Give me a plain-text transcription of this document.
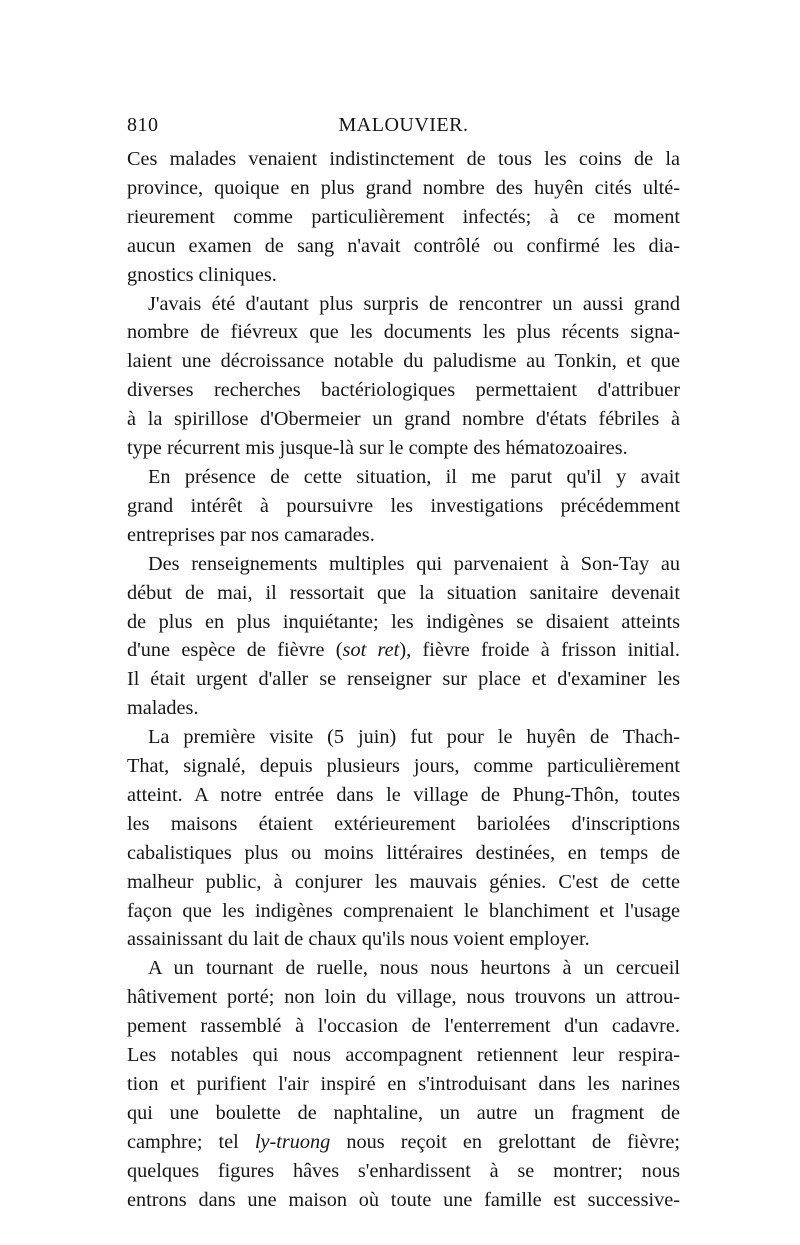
810	MALOUVIER.
Ces malades venaient indistinctement de tous les coins de la
province, quoique en plus grand nombre des huyên cités ulté-
rieurement comme particulièrement infectés; à ce moment
aucun examen de sang n'avait contrôlé ou confirmé les dia-
gnostics cliniques.
J'avais été d'autant plus surpris de rencontrer un aussi grand
nombre de fiévreux que les documents les plus récents signa-
laient une décroissance notable du paludisme au Tonkin, et que
diverses recherches bactériologiques permettaient d'attribuer
à la spirillose d'Obermeier un grand nombre d'états fébriles à
type récurrent mis jusque-là sur le compte des hématozoaires.
En présence de cette situation, il me parut qu'il y avait
grand intérêt à poursuivre les investigations précédemment
entreprises par nos camarades.
Des renseignements multiples qui parvenaient à Son-Tay au
début de mai, il ressortait que la situation sanitaire devenait
de plus en plus inquiétante; les indigènes se disaient atteints
d'une espèce de fièvre (sot ret), fièvre froide à frisson initial.
Il était urgent d'aller se renseigner sur place et d'examiner les
malades.
La première visite (5 juin) fut pour le huyên de Thach-
That, signalé, depuis plusieurs jours, comme particulièrement
atteint. A notre entrée dans le village de Phung-Thôn, toutes
les maisons étaient extérieurement bariolées d'inscriptions
cabalistiques plus ou moins littéraires destinées, en temps de
malheur public, à conjurer les mauvais génies. C'est de cette
façon que les indigènes comprenaient le blanchiment et l'usage
assainissant du lait de chaux qu'ils nous voient employer.
A un tournant de ruelle, nous nous heurtons à un cercueil
hâtivement porté; non loin du village, nous trouvons un attrou-
pement rassemblé à l'occasion de l'enterrement d'un cadavre.
Les notables qui nous accompagnent retiennent leur respira-
tion et purifient l'air inspiré en s'introduisant dans les narines
qui une boulette de naphtaline, un autre un fragment de
camphre; tel ly-truong nous reçoit en grelottant de fièvre;
quelques figures hâves s'enhardissent à se montrer; nous
entrons dans une maison où toute une famille est successive-
